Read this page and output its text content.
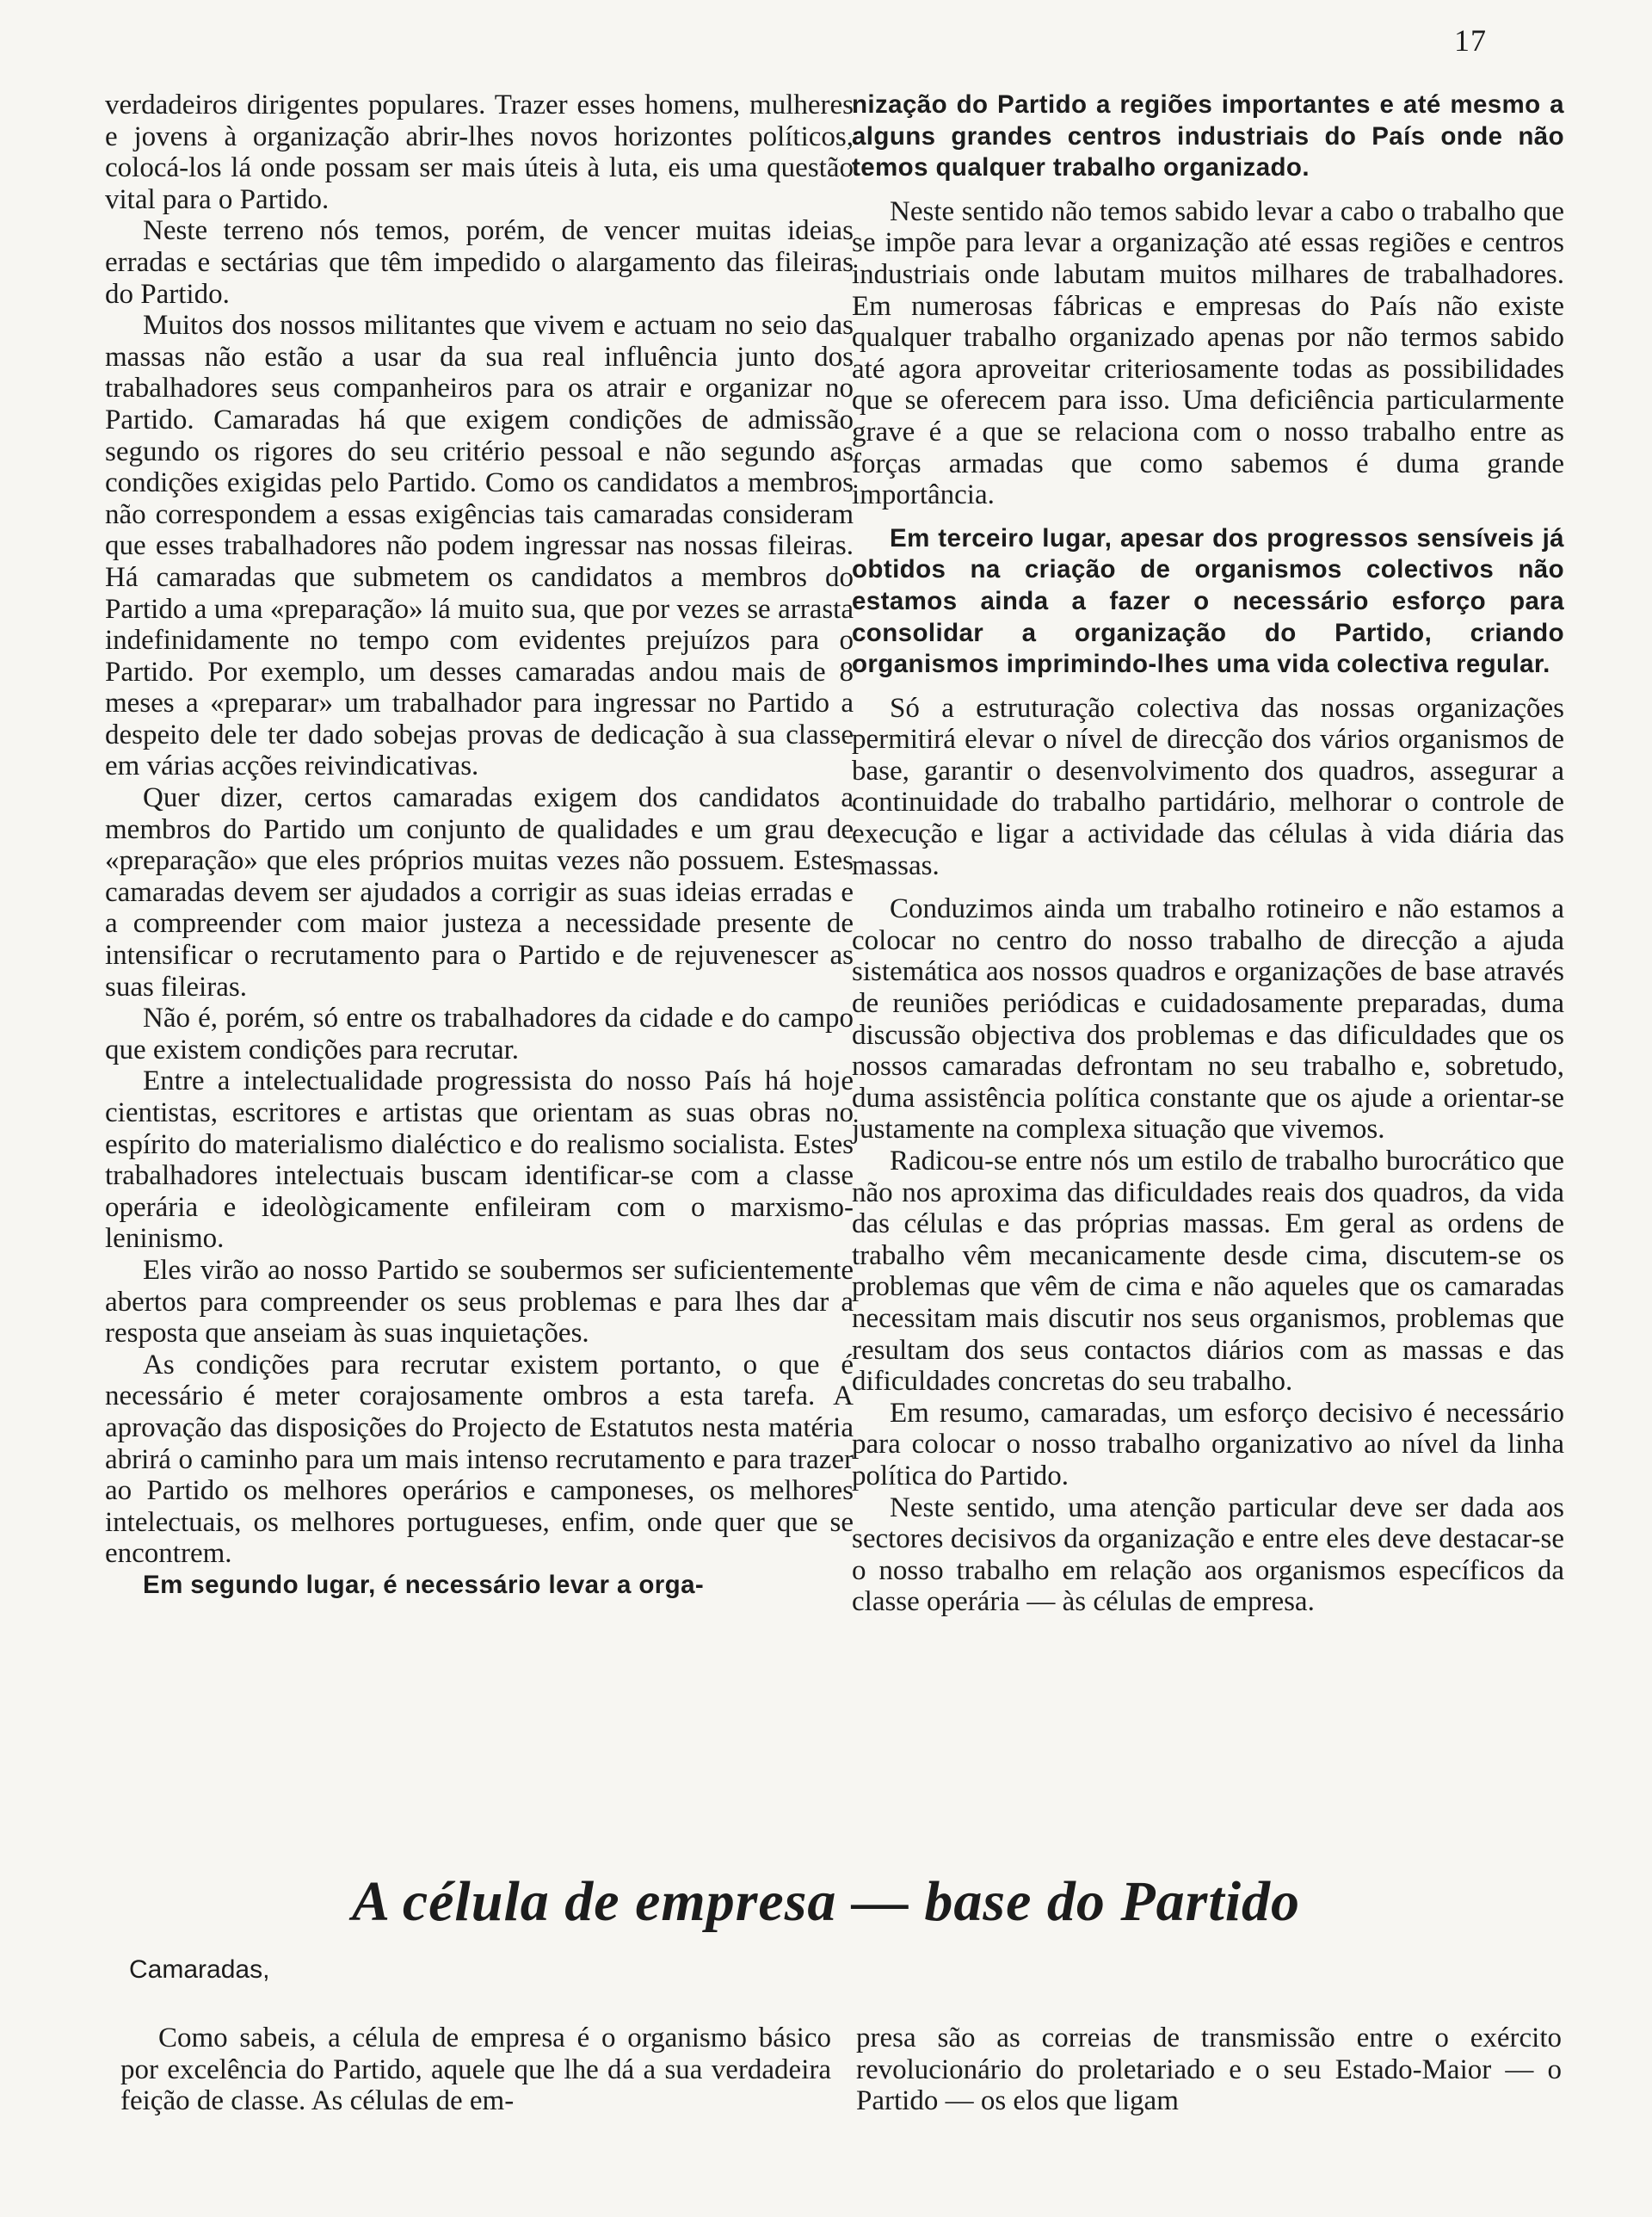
17

verdadeiros dirigentes populares. Trazer esses homens, mulheres e jovens à organização abrir-lhes novos horizontes políticos, colocá-los lá onde possam ser mais úteis à luta, eis uma questão vital para o Partido.

Neste terreno nós temos, porém, de vencer muitas ideias erradas e sectárias que têm impedido o alargamento das fileiras do Partido.

Muitos dos nossos militantes que vivem e actuam no seio das massas não estão a usar da sua real influência junto dos trabalhadores seus companheiros para os atrair e organizar no Partido. Camaradas há que exigem condições de admissão segundo os rigores do seu critério pessoal e não segundo as condições exigidas pelo Partido. Como os candidatos a membros não correspondem a essas exigências tais camaradas consideram que esses trabalhadores não podem ingressar nas nossas fileiras. Há camaradas que submetem os candidatos a membros do Partido a uma «preparação» lá muito sua, que por vezes se arrasta indefinidamente no tempo com evidentes prejuízos para o Partido. Por exemplo, um desses camaradas andou mais de 8 meses a «preparar» um trabalhador para ingressar no Partido a despeito dele ter dado sobejas provas de dedicação à sua classe em várias acções reivindicativas.

Quer dizer, certos camaradas exigem dos candidatos a membros do Partido um conjunto de qualidades e um grau de «preparação» que eles próprios muitas vezes não possuem. Estes camaradas devem ser ajudados a corrigir as suas ideias erradas e a compreender com maior justeza a necessidade presente de intensificar o recrutamento para o Partido e de rejuvenescer as suas fileiras.

Não é, porém, só entre os trabalhadores da cidade e do campo que existem condições para recrutar.

Entre a intelectualidade progressista do nosso País há hoje cientistas, escritores e artistas que orientam as suas obras no espírito do materialismo dialéctico e do realismo socialista. Estes trabalhadores intelectuais buscam identificar-se com a classe operária e ideològicamente enfileiram com o marxismo-leninismo.

Eles virão ao nosso Partido se soubermos ser suficientemente abertos para compreender os seus problemas e para lhes dar a resposta que anseiam às suas inquietações.

As condições para recrutar existem portanto, o que é necessário é meter corajosamente ombros a esta tarefa. A aprovação das disposições do Projecto de Estatutos nesta matéria abrirá o caminho para um mais intenso recrutamento e para trazer ao Partido os melhores operários e camponeses, os melhores intelectuais, os melhores portugueses, enfim, onde quer que se encontrem.

Em segundo lugar, é necessário levar a orga-

nização do Partido a regiões importantes e até mesmo a alguns grandes centros industriais do País onde não temos qualquer trabalho organizado.

Neste sentido não temos sabido levar a cabo o trabalho que se impõe para levar a organização até essas regiões e centros industriais onde labutam muitos milhares de trabalhadores. Em numerosas fábricas e empresas do País não existe qualquer trabalho organizado apenas por não termos sabido até agora aproveitar criteriosamente todas as possibilidades que se oferecem para isso. Uma deficiência particularmente grave é a que se relaciona com o nosso trabalho entre as forças armadas que como sabemos é duma grande importância.

Em terceiro lugar, apesar dos progressos sensíveis já obtidos na criação de organismos colectivos não estamos ainda a fazer o necessário esforço para consolidar a organização do Partido, criando organismos imprimindo-lhes uma vida colectiva regular.

Só a estruturação colectiva das nossas organizações permitirá elevar o nível de direcção dos vários organismos de base, garantir o desenvolvimento dos quadros, assegurar a continuidade do trabalho partidário, melhorar o controle de execução e ligar a actividade das células à vida diária das massas.

Conduzimos ainda um trabalho rotineiro e não estamos a colocar no centro do nosso trabalho de direcção a ajuda sistemática aos nossos quadros e organizações de base através de reuniões periódicas e cuidadosamente preparadas, duma discussão objectiva dos problemas e das dificuldades que os nossos camaradas defrontam no seu trabalho e, sobretudo, duma assistência política constante que os ajude a orientar-se justamente na complexa situação que vivemos.

Radicou-se entre nós um estilo de trabalho burocrático que não nos aproxima das dificuldades reais dos quadros, da vida das células e das próprias massas. Em geral as ordens de trabalho vêm mecanicamente desde cima, discutem-se os problemas que vêm de cima e não aqueles que os camaradas necessitam mais discutir nos seus organismos, problemas que resultam dos seus contactos diários com as massas e das dificuldades concretas do seu trabalho.

Em resumo, camaradas, um esforço decisivo é necessário para colocar o nosso trabalho organizativo ao nível da linha política do Partido.

Neste sentido, uma atenção particular deve ser dada aos sectores decisivos da organização e entre eles deve destacar-se o nosso trabalho em relação aos organismos específicos da classe operária — às células de empresa.

A célula de empresa — base do Partido
Camaradas,

Como sabeis, a célula de empresa é o organismo básico por excelência do Partido, aquele que lhe dá a sua verdadeira feição de classe. As células de em-

presa são as correias de transmissão entre o exército revolucionário do proletariado e o seu Estado-Maior — o Partido — os elos que ligam
